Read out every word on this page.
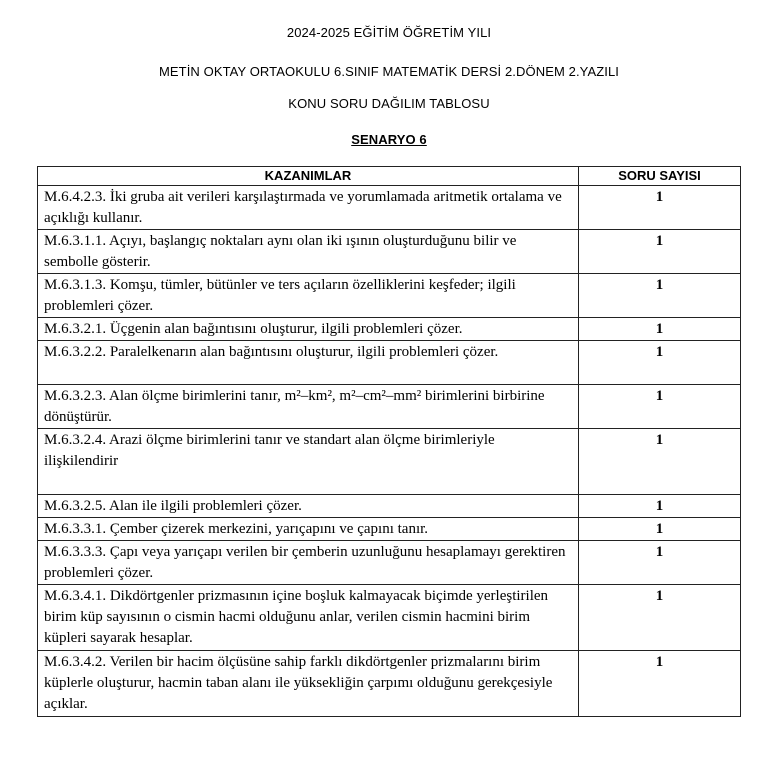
2024-2025 EĞİTİM ÖĞRETİM YILI
METİN OKTAY ORTAOKULU 6.SINIF MATEMATİK DERSİ 2.DÖNEM 2.YAZILI
KONU SORU DAĞILIM TABLOSU
SENARYO 6
KAZANIMLAR	SORU SAYISI
M.6.4.2.3. İki gruba ait verileri karşılaştırmada ve yorumlamada aritmetik ortalama ve açıklığı kullanır.	1
M.6.3.1.1. Açıyı, başlangıç noktaları aynı olan iki ışının oluşturduğunu bilir ve sembolle gösterir.	1
M.6.3.1.3. Komşu, tümler, bütünler ve ters açıların özelliklerini keşfeder; ilgili problemleri çözer.	1
M.6.3.2.1. Üçgenin alan bağıntısını oluşturur, ilgili problemleri çözer.	1
M.6.3.2.2. Paralelkenarın alan bağıntısını oluşturur, ilgili problemleri çözer.	1
M.6.3.2.3. Alan ölçme birimlerini tanır, m²–km², m²–cm²–mm² birimlerini birbirine dönüştürür.	1
M.6.3.2.4. Arazi ölçme birimlerini tanır ve standart alan ölçme birimleriyle ilişkilendirir	1
M.6.3.2.5. Alan ile ilgili problemleri çözer.	1
M.6.3.3.1. Çember çizerek merkezini, yarıçapını ve çapını tanır.	1
M.6.3.3.3. Çapı veya yarıçapı verilen bir çemberin uzunluğunu hesaplamayı gerektiren problemleri çözer.	1
M.6.3.4.1. Dikdörtgenler prizmasının içine boşluk kalmayacak biçimde yerleştirilen birim küp sayısının o cismin hacmi olduğunu anlar, verilen cismin hacmini birim küpleri sayarak hesaplar.	1
M.6.3.4.2. Verilen bir hacim ölçüsüne sahip farklı dikdörtgenler prizmalarını birim küplerle oluşturur, hacmin taban alanı ile yüksekliğin çarpımı olduğunu gerekçesiyle açıklar.	1
